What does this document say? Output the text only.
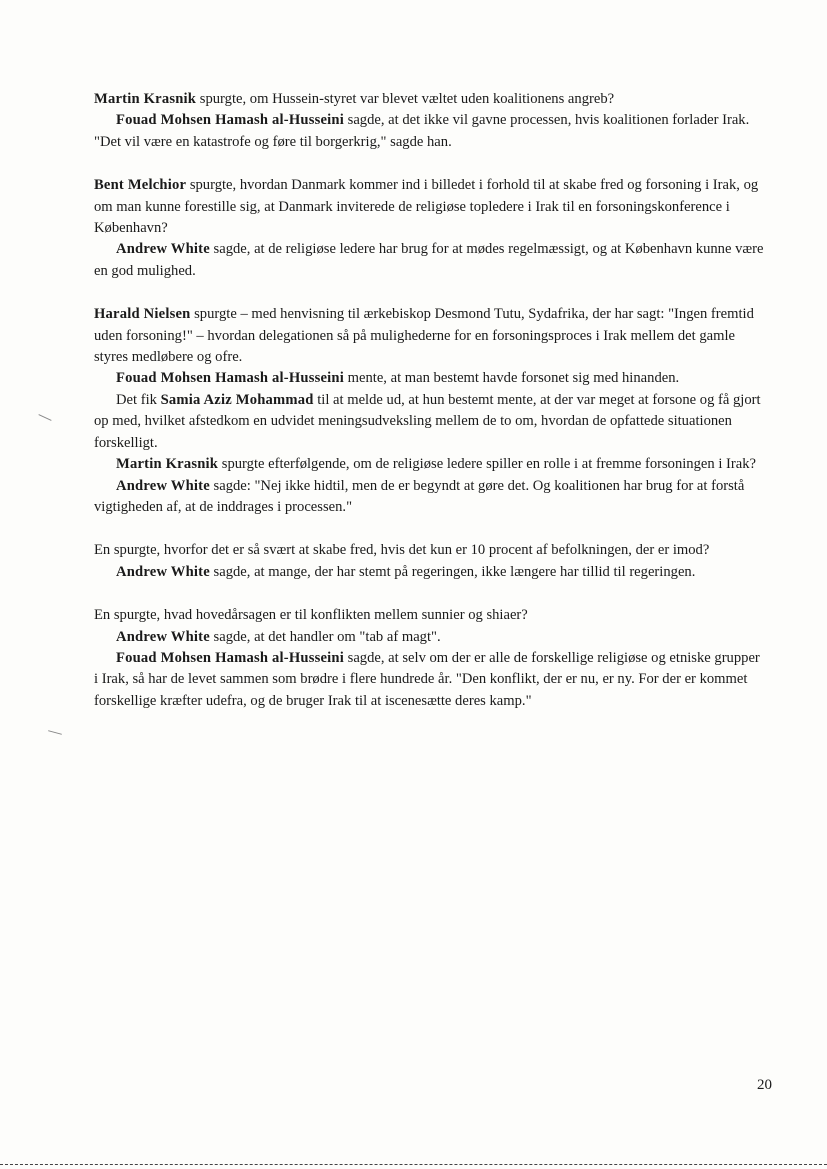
Martin Krasnik spurgte, om Hussein-styret var blevet væltet uden koalitionens angreb?

Fouad Mohsen Hamash al-Husseini sagde, at det ikke vil gavne processen, hvis koalitionen forlader Irak. "Det vil være en katastrofe og føre til borgerkrig," sagde han.

Bent Melchior spurgte, hvordan Danmark kommer ind i billedet i forhold til at skabe fred og forsoning i Irak, og om man kunne forestille sig, at Danmark inviterede de religiøse topledere i Irak til en forsoningskonference i København?

Andrew White sagde, at de religiøse ledere har brug for at mødes regelmæssigt, og at København kunne være en god mulighed.

Harald Nielsen spurgte – med henvisning til ærkebiskop Desmond Tutu, Sydafrika, der har sagt: "Ingen fremtid uden forsoning!" – hvordan delegationen så på mulighederne for en forsoningsproces i Irak mellem det gamle styres medløbere og ofre.

Fouad Mohsen Hamash al-Husseini mente, at man bestemt havde forsonet sig med hinanden.

Det fik Samia Aziz Mohammad til at melde ud, at hun bestemt mente, at der var meget at forsone og få gjort op med, hvilket afstedkom en udvidet meningsudveksling mellem de to om, hvordan de opfattede situationen forskelligt.

Martin Krasnik spurgte efterfølgende, om de religiøse ledere spiller en rolle i at fremme forsoningen i Irak?

Andrew White sagde: "Nej ikke hidtil, men de er begyndt at gøre det. Og koalitionen har brug for at forstå vigtigheden af, at de inddrages i processen."

En spurgte, hvorfor det er så svært at skabe fred, hvis det kun er 10 procent af befolkningen, der er imod?

Andrew White sagde, at mange, der har stemt på regeringen, ikke længere har tillid til regeringen.

En spurgte, hvad hovedårsagen er til konflikten mellem sunnier og shiaer?

Andrew White sagde, at det handler om "tab af magt".

Fouad Mohsen Hamash al-Husseini sagde, at selv om der er alle de forskellige religiøse og etniske grupper i Irak, så har de levet sammen som brødre i flere hundrede år. "Den konflikt, der er nu, er ny. For der er kommet forskellige kræfter udefra, og de bruger Irak til at iscenesætte deres kamp."

20
